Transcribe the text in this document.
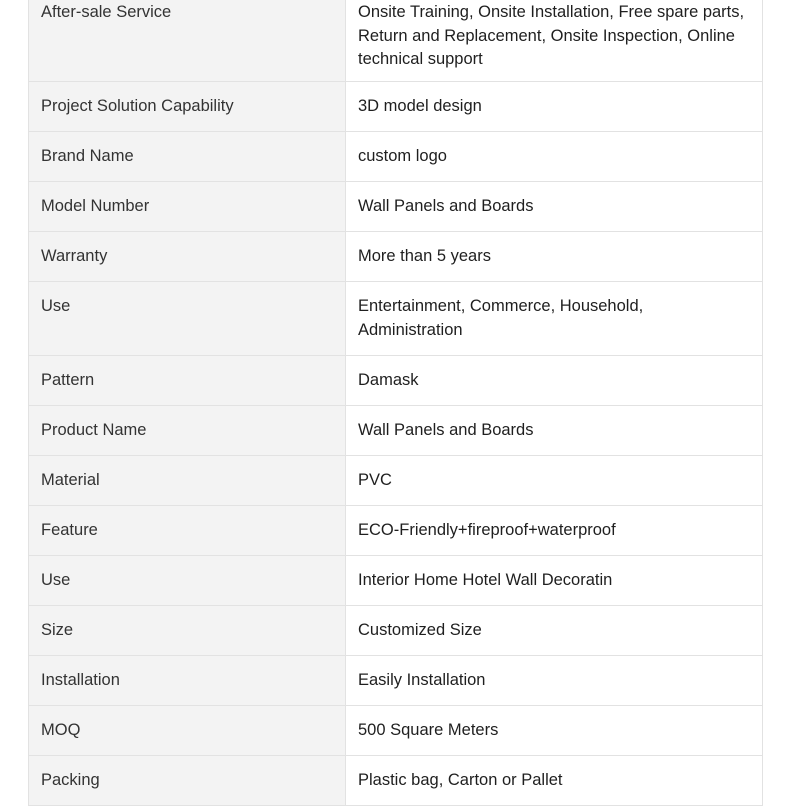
After-sale Service	Onsite Training, Onsite Installation, Free spare parts, Return and Replacement, Onsite Inspection, Online technical support
Project Solution Capability	3D model design
Brand Name	custom logo
Model Number	Wall Panels and Boards
Warranty	More than 5 years
Use	Entertainment, Commerce, Household, Administration
Pattern	Damask
Product Name	Wall Panels and Boards
Material	PVC
Feature	ECO-Friendly+fireproof+waterproof
Use	Interior Home Hotel Wall Decoratin
Size	Customized Size
Installation	Easily Installation
MOQ	500 Square Meters
Packing	Plastic bag, Carton or Pallet
